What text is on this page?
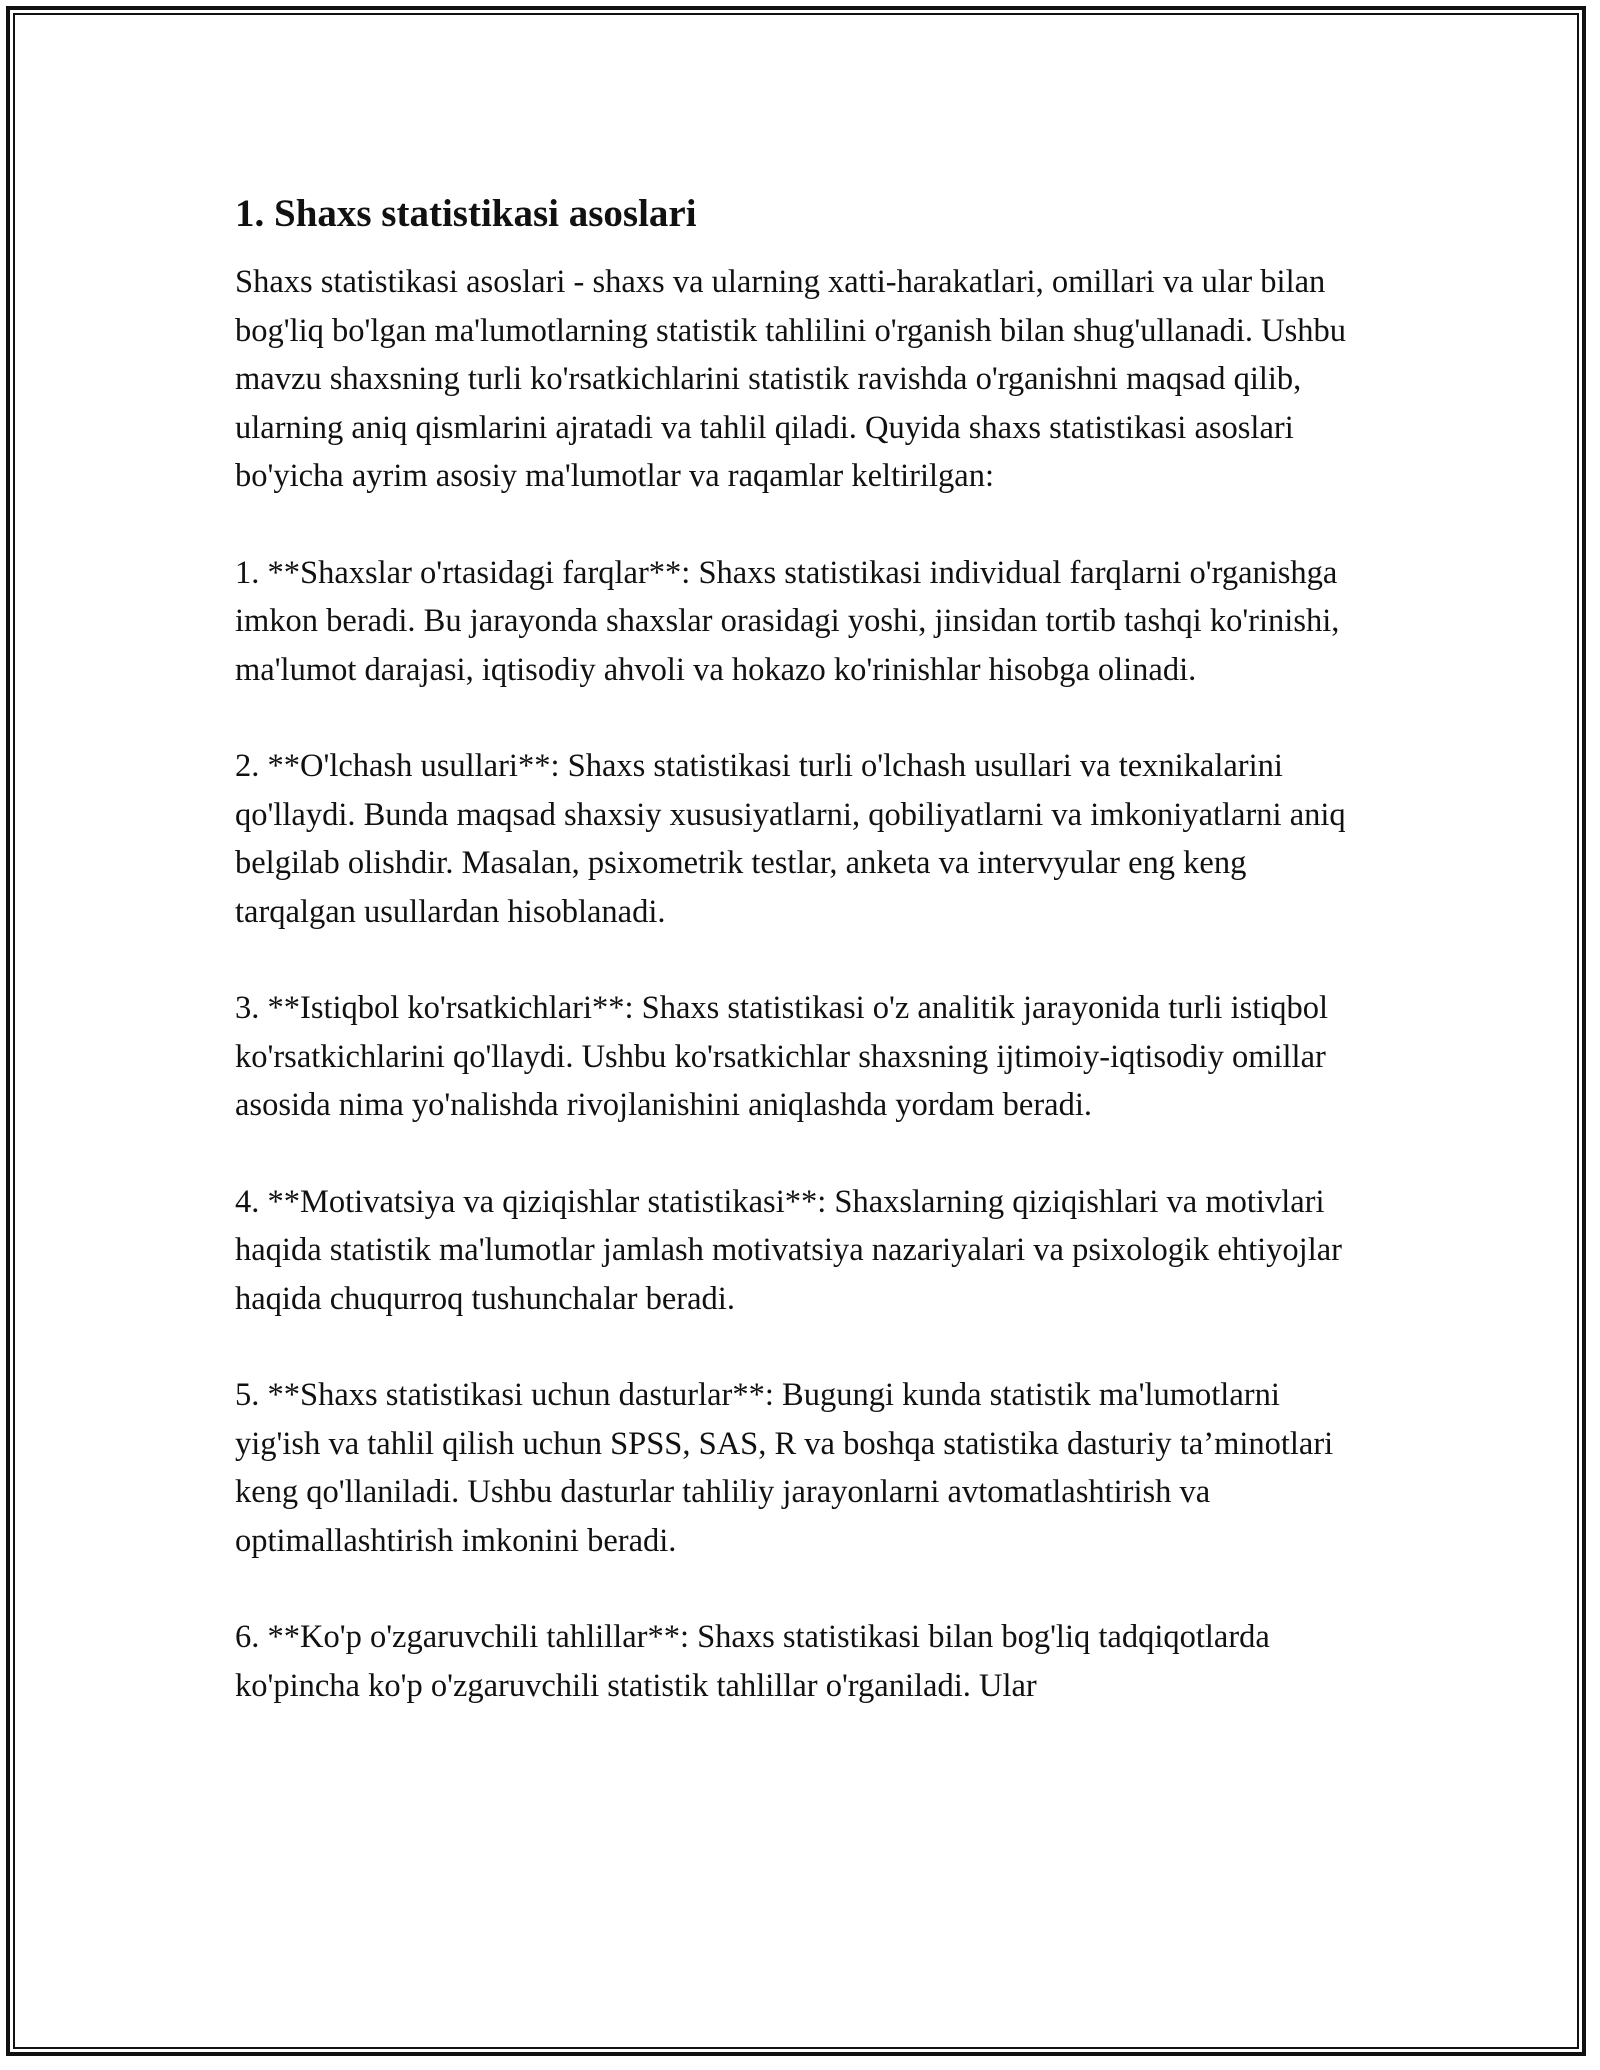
1. Shaxs statistikasi asoslari

Shaxs statistikasi asoslari - shaxs va ularning xatti-harakatlari, omillari va ular bilan bog'liq bo'lgan ma'lumotlarning statistik tahlilini o'rganish bilan shug'ullanadi. Ushbu mavzu shaxsning turli ko'rsatkichlarini statistik ravishda o'rganishni maqsad qilib, ularning aniq qismlarini ajratadi va tahlil qiladi. Quyida shaxs statistikasi asoslari bo'yicha ayrim asosiy ma'lumotlar va raqamlar keltirilgan:

1. **Shaxslar o'rtasidagi farqlar**: Shaxs statistikasi individual farqlarni o'rganishga imkon beradi. Bu jarayonda shaxslar orasidagi yoshi, jinsidan tortib tashqi ko'rinishi, ma'lumot darajasi, iqtisodiy ahvoli va hokazo ko'rinishlar hisobga olinadi.

2. **O'lchash usullari**: Shaxs statistikasi turli o'lchash usullari va texnikalarini qo'llaydi. Bunda maqsad shaxsiy xususiyatlarni, qobiliyatlarni va imkoniyatlarni aniq belgilab olishdir. Masalan, psixometrik testlar, anketa va intervyular eng keng tarqalgan usullardan hisoblanadi.

3. **Istiqbol ko'rsatkichlari**: Shaxs statistikasi o'z analitik jarayonida turli istiqbol ko'rsatkichlarini qo'llaydi. Ushbu ko'rsatkichlar shaxsning ijtimoiy-iqtisodiy omillar asosida nima yo'nalishda rivojlanishini aniqlashda yordam beradi.

4. **Motivatsiya va qiziqishlar statistikasi**: Shaxslarning qiziqishlari va motivlari haqida statistik ma'lumotlar jamlash motivatsiya nazariyalari va psixologik ehtiyojlar haqida chuqurroq tushunchalar beradi.

5. **Shaxs statistikasi uchun dasturlar**: Bugungi kunda statistik ma'lumotlarni yig'ish va tahlil qilish uchun SPSS, SAS, R va boshqa statistika dasturiy ta’minotlari keng qo'llaniladi. Ushbu dasturlar tahliliy jarayonlarni avtomatlashtirish va optimallashtirish imkonini beradi.

6. **Ko'p o'zgaruvchili tahlillar**: Shaxs statistikasi bilan bog'liq tadqiqotlarda ko'pincha ko'p o'zgaruvchili statistik tahlillar o'rganiladi. Ular
